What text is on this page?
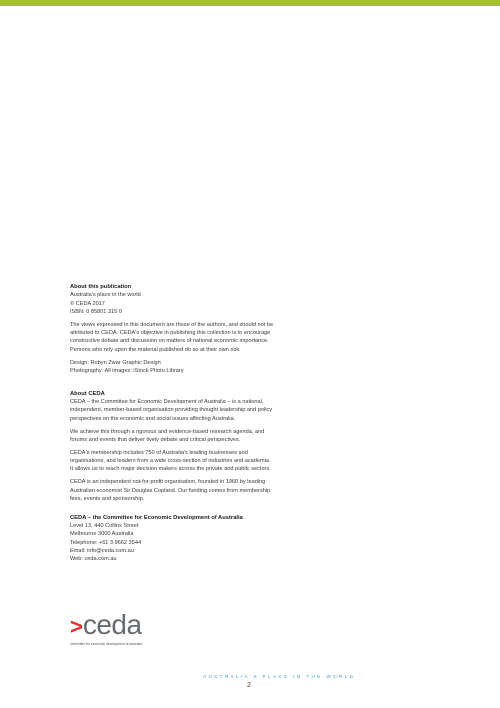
About this publication
Australia's place in the world
© CEDA 2017
ISBN: 0 85801 315 0
The views expressed in this document are those of the authors, and should not be
attributed to CEDA. CEDA's objective in publishing this collection is to encourage
constructive debate and discussion on matters of national economic importance.
Persons who rely upon the material published do so at their own risk.
Design: Robyn Zwar Graphic Design
Photography: All images: iStock Photo Library
About CEDA
CEDA – the Committee for Economic Development of Australia – is a national,
independent, member-based organisation providing thought leadership and policy
perspectives on the economic and social issues affecting Australia.
We achieve this through a rigorous and evidence-based research agenda, and
forums and events that deliver lively debate and critical perspectives.
CEDA's membership includes 750 of Australia's leading businesses and
organisations, and leaders from a wide cross-section of industries and academia.
It allows us to reach major decision makers across the private and public sectors.
CEDA is an independent not-for-profit organisation, founded in 1960 by leading
Australian economist Sir Douglas Copland. Our funding comes from membership
fees, events and sponsorship.
CEDA – the Committee for Economic Development of Australia
Level 13, 440 Collins Street
Melbourne 3000 Australia
Telephone: +61 3 9662 3544
Email: info@ceda.com.au
Web: ceda.com.au
> ceda
committee for economic development of australia
AUSTRALIA'S PLACE IN THE WORLD
2
